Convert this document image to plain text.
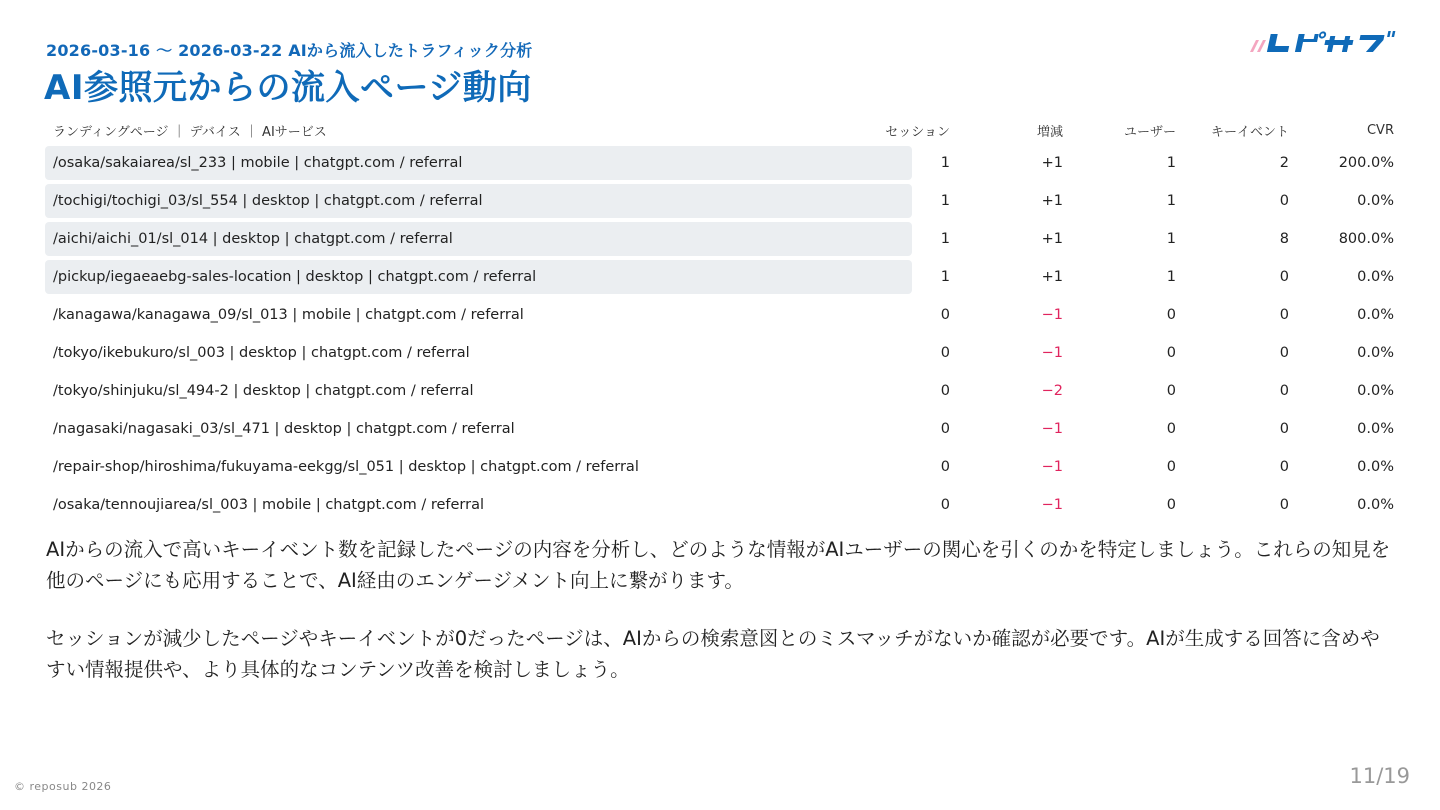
2026-03-16 〜 2026-03-22 AIから流入したトラフィック分析
AI参照元からの流入ページ動向
ランディングページ ｜ デバイス ｜ AIサービス	セッション	増減	ユーザー	キーイベント	CVR
/osaka/sakaiarea/sl_233 | mobile | chatgpt.com / referral	1	+1	1	2	200.0%
/tochigi/tochigi_03/sl_554 | desktop | chatgpt.com / referral	1	+1	1	0	0.0%
/aichi/aichi_01/sl_014 | desktop | chatgpt.com / referral	1	+1	1	8	800.0%
/pickup/iegaeaebg-sales-location | desktop | chatgpt.com / referral	1	+1	1	0	0.0%
/kanagawa/kanagawa_09/sl_013 | mobile | chatgpt.com / referral	0	−1	0	0	0.0%
/tokyo/ikebukuro/sl_003 | desktop | chatgpt.com / referral	0	−1	0	0	0.0%
/tokyo/shinjuku/sl_494-2 | desktop | chatgpt.com / referral	0	−2	0	0	0.0%
/nagasaki/nagasaki_03/sl_471 | desktop | chatgpt.com / referral	0	−1	0	0	0.0%
/repair-shop/hiroshima/fukuyama-eekgg/sl_051 | desktop | chatgpt.com / referral	0	−1	0	0	0.0%
/osaka/tennoujiarea/sl_003 | mobile | chatgpt.com / referral	0	−1	0	0	0.0%
AIからの流入で高いキーイベント数を記録したページの内容を分析し、どのような情報がAIユーザーの関心を引くのかを特定しましょう。これらの知見を他のページにも応用することで、AI経由のエンゲージメント向上に繋がります。
セッションが減少したページやキーイベントが0だったページは、AIからの検索意図とのミスマッチがないか確認が必要です。AIが生成する回答に含めやすい情報提供や、より具体的なコンテンツ改善を検討しましょう。
© reposub 2026	11/19
